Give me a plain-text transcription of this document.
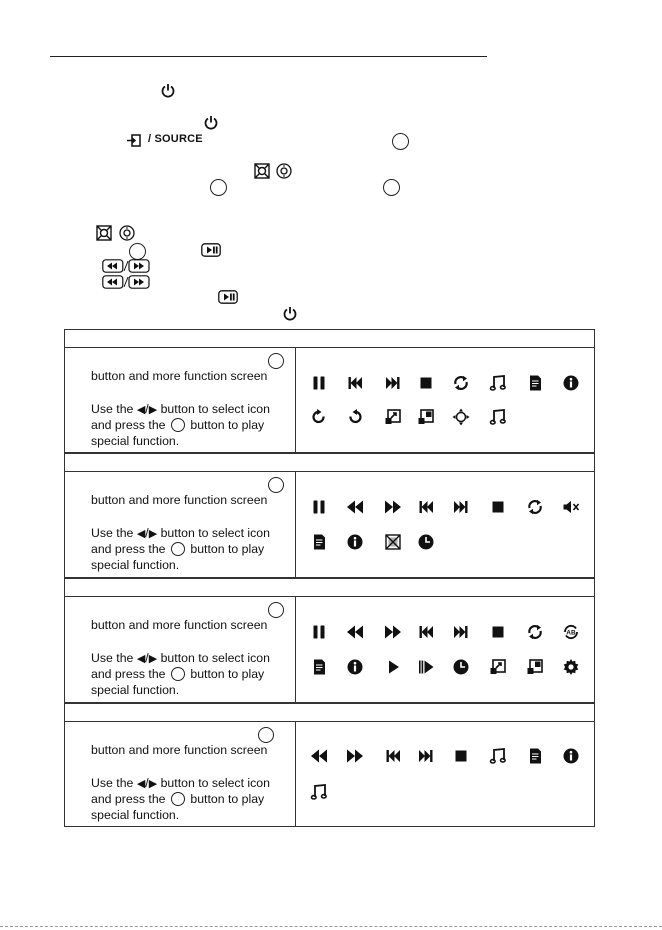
/ SOURCE
button and more function screen
Use the ◀/▶ button to select icon
and press the button to play
special function.
button and more function screen
Use the ◀/▶ button to select icon
and press the button to play
special function.
button and more function screen
Use the ◀/▶ button to select icon
and press the button to play
special function.
button and more function screen
Use the ◀/▶ button to select icon
and press the button to play
special function.
